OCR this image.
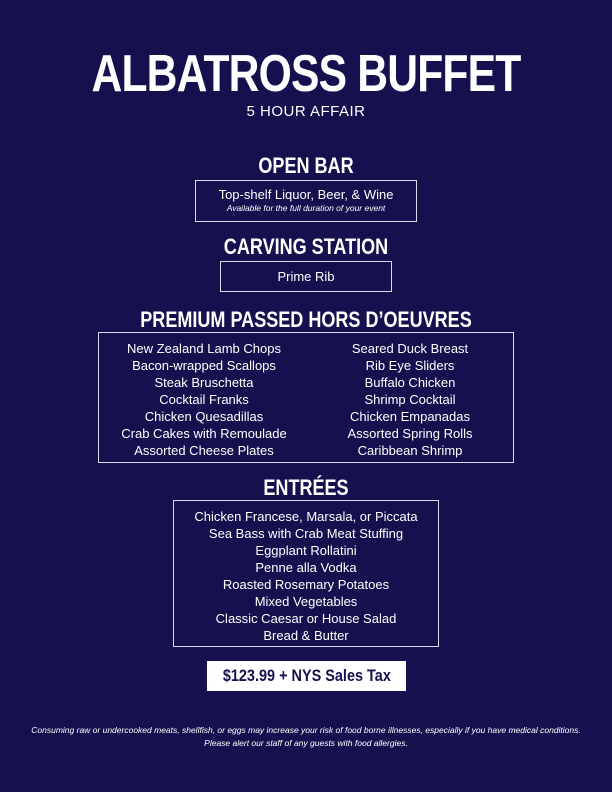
ALBATROSS BUFFET
5 HOUR AFFAIR
OPEN BAR
Top-shelf Liquor, Beer, & Wine
Available for the full duration of your event
CARVING STATION
Prime Rib
PREMIUM PASSED HORS D’OEUVRES
New Zealand Lamb Chops
Bacon-wrapped Scallops
Steak Bruschetta
Cocktail Franks
Chicken Quesadillas
Crab Cakes with Remoulade
Assorted Cheese Plates
Seared Duck Breast
Rib Eye Sliders
Buffalo Chicken
Shrimp Cocktail
Chicken Empanadas
Assorted Spring Rolls
Caribbean Shrimp
ENTRÉES
Chicken Francese, Marsala, or Piccata
Sea Bass with Crab Meat Stuffing
Eggplant Rollatini
Penne alla Vodka
Roasted Rosemary Potatoes
Mixed Vegetables
Classic Caesar or House Salad
Bread & Butter
$123.99 + NYS Sales Tax
Consuming raw or undercooked meats, shellfish, or eggs may increase your risk of food borne illnesses, especially if you have medical conditions. Please alert our staff of any guests with food allergies.
